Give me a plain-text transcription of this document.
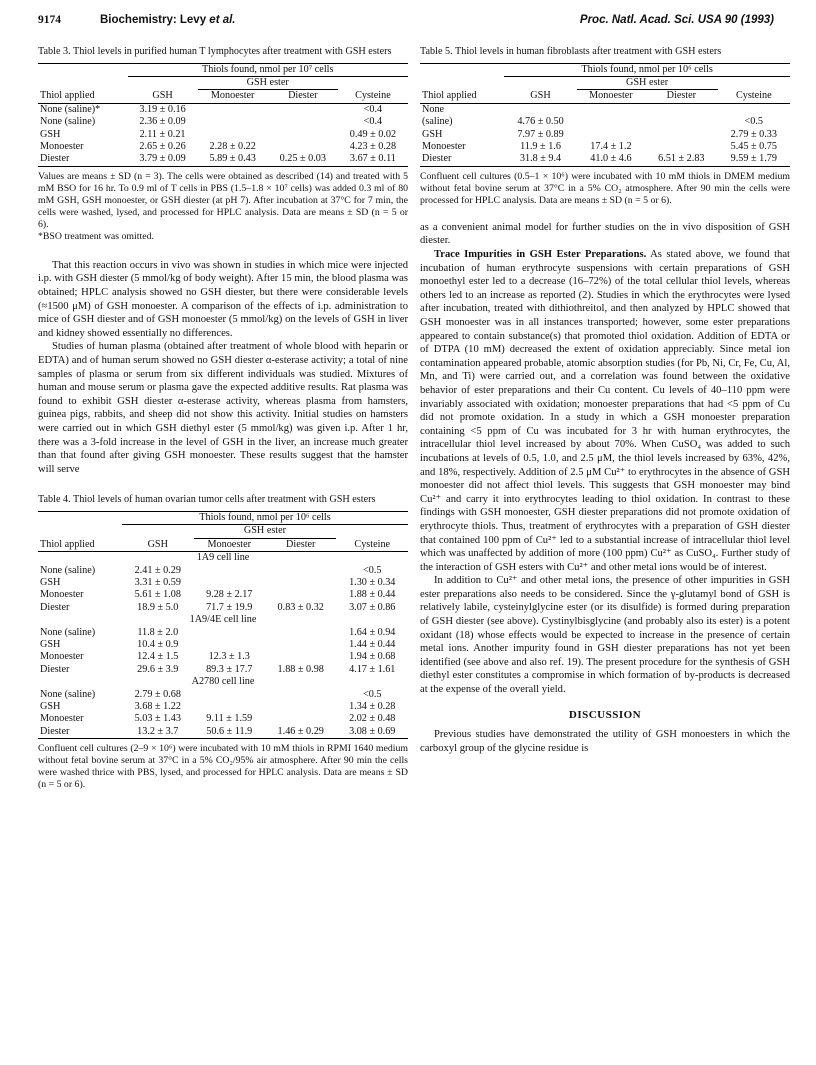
9174	Biochemistry: Levy et al.	Proc. Natl. Acad. Sci. USA 90 (1993)

Table 3. Thiol levels in purified human T lymphocytes after treatment with GSH esters

	Thiols found, nmol per 10⁷ cells			
		GSH ester		
Thiol applied	GSH	Monoester	Diester	Cysteine
None (saline)*	3.19 ± 0.16			<0.4
None (saline)	2.36 ± 0.09			<0.4
GSH	2.11 ± 0.21			0.49 ± 0.02
Monoester	2.65 ± 0.26	2.28 ± 0.22		4.23 ± 0.28
Diester	3.79 ± 0.09	5.89 ± 0.43	0.25 ± 0.03	3.67 ± 0.11

Values are means ± SD (n = 3). The cells were obtained as described (14) and treated with 5 mM BSO for 16 hr. To 0.9 ml of T cells in PBS (1.5–1.8 × 10⁷ cells) was added 0.3 ml of 80 mM GSH, GSH monoester, or GSH diester (at pH 7). After incubation at 37°C for 7 min, the cells were washed, lysed, and processed for HPLC analysis. Data are means ± SD (n = 5 or 6).

*BSO treatment was omitted.

That this reaction occurs in vivo was shown in studies in which mice were injected i.p. with GSH diester (5 mmol/kg of body weight). After 15 min, the blood plasma was obtained; HPLC analysis showed no GSH diester, but there were considerable levels (≈1500 μM) of GSH monoester. A comparison of the effects of i.p. administration to mice of GSH diester and of GSH monoester (5 mmol/kg) on the levels of GSH in liver and kidney showed essentially no differences.

Studies of human plasma (obtained after treatment of whole blood with heparin or EDTA) and of human serum showed no GSH diester α-esterase activity; a total of nine samples of plasma or serum from six different individuals was studied. Mixtures of human and mouse serum or plasma gave the expected additive results. Rat plasma was found to exhibit GSH diester α-esterase activity, whereas plasma from hamsters, guinea pigs, rabbits, and sheep did not show this activity. Initial studies on hamsters were carried out in which GSH diethyl ester (5 mmol/kg) was given i.p. After 1 hr, there was a 3-fold increase in the level of GSH in the liver, an increase much greater than that found after giving GSH monoester. These results suggest that the hamster will serve

Table 4. Thiol levels of human ovarian tumor cells after treatment with GSH esters

	Thiols found, nmol per 10⁶ cells			
		GSH ester		
Thiol applied	GSH	Monoester	Diester	Cysteine
1A9 cell line				
None (saline)	2.41 ± 0.29			<0.5
GSH	3.31 ± 0.59			1.30 ± 0.34
Monoester	5.61 ± 1.08	9.28 ± 2.17		1.88 ± 0.44
Diester	18.9 ± 5.0	71.7 ± 19.9	0.83 ± 0.32	3.07 ± 0.86
1A9/4E cell line				
None (saline)	11.8 ± 2.0			1.64 ± 0.94
GSH	10.4 ± 0.9			1.44 ± 0.44
Monoester	12.4 ± 1.5	12.3 ± 1.3		1.94 ± 0.68
Diester	29.6 ± 3.9	89.3 ± 17.7	1.88 ± 0.98	4.17 ± 1.61
A2780 cell line				
None (saline)	2.79 ± 0.68			<0.5
GSH	3.68 ± 1.22			1.34 ± 0.28
Monoester	5.03 ± 1.43	9.11 ± 1.59		2.02 ± 0.48
Diester	13.2 ± 3.7	50.6 ± 11.9	1.46 ± 0.29	3.08 ± 0.69

Confluent cell cultures (2–9 × 10⁶) were incubated with 10 mM thiols in RPMI 1640 medium without fetal bovine serum at 37°C in a 5% CO₂/95% air atmosphere. After 90 min the cells were washed thrice with PBS, lysed, and processed for HPLC analysis. Data are means ± SD (n = 5 or 6).

Table 5. Thiol levels in human fibroblasts after treatment with GSH esters

	Thiols found, nmol per 10⁶ cells			
		GSH ester		
Thiol applied	GSH	Monoester	Diester	Cysteine
None				
(saline)	4.76 ± 0.50			<0.5
GSH	7.97 ± 0.89			2.79 ± 0.33
Monoester	11.9 ± 1.6	17.4 ± 1.2		5.45 ± 0.75
Diester	31.8 ± 9.4	41.0 ± 4.6	6.51 ± 2.83	9.59 ± 1.79

Confluent cell cultures (0.5–1 × 10⁶) were incubated with 10 mM thiols in DMEM medium without fetal bovine serum at 37°C in a 5% CO₂ atmosphere. After 90 min the cells were processed for HPLC analysis. Data are means ± SD (n = 5 or 6).

as a convenient animal model for further studies on the in vivo disposition of GSH diester.

Trace Impurities in GSH Ester Preparations. As stated above, we found that incubation of human erythrocyte suspensions with certain preparations of GSH monoethyl ester led to a decrease (16–72%) of the total cellular thiol levels, whereas others led to an increase as reported (2). Studies in which the erythrocytes were lysed after incubation, treated with dithiothreitol, and then analyzed by HPLC showed that GSH monoester was in all instances transported; however, some ester preparations appeared to contain substance(s) that promoted thiol oxidation. Addition of EDTA or of DTPA (10 mM) decreased the extent of oxidation appreciably. Since metal ion contamination appeared probable, atomic absorption studies (for Pb, Ni, Cr, Fe, Cu, Al, Mn, and Ti) were carried out, and a correlation was found between the oxidative behavior of ester preparations and their Cu content. Cu levels of 40–110 ppm were invariably associated with oxidation; monoester preparations that had <5 ppm of Cu did not promote oxidation. In a study in which a GSH monoester preparation containing <5 ppm of Cu was incubated for 3 hr with human erythrocytes, the intracellular thiol level increased by about 70%. When CuSO₄ was added to such incubations at levels of 0.5, 1.0, and 2.5 μM, the thiol levels increased by 63%, 42%, and 18%, respectively. Addition of 2.5 μM Cu²⁺ to erythrocytes in the absence of GSH monoester did not affect thiol levels. This suggests that GSH monoester may bind Cu²⁺ and carry it into erythrocytes leading to thiol oxidation. In contrast to these findings with GSH monoester, GSH diester preparations did not promote oxidation of erythrocyte thiols. Thus, treatment of erythrocytes with a preparation of GSH diester that contained 100 ppm of Cu²⁺ led to a substantial increase of intracellular thiol level which was unaffected by addition of more (100 ppm) Cu²⁺ as CuSO₄. Further study of the interaction of GSH esters with Cu²⁺ and other metal ions would be of interest.

In addition to Cu²⁺ and other metal ions, the presence of other impurities in GSH ester preparations also needs to be considered. Since the γ-glutamyl bond of GSH is relatively labile, cysteinylglycine ester (or its disulfide) is formed during preparation of GSH diester (see above). Cystinylbisglycine (and probably also its ester) is a potent oxidant (18) whose effects would be expected to increase in the presence of certain metal ions. Another impurity found in GSH diester preparations has not yet been identified (see above and also ref. 19). The present procedure for the synthesis of GSH diethyl ester constitutes a compromise in which formation of by-products is decreased at the expense of the overall yield.

DISCUSSION

Previous studies have demonstrated the utility of GSH monoesters in which the carboxyl group of the glycine residue is
